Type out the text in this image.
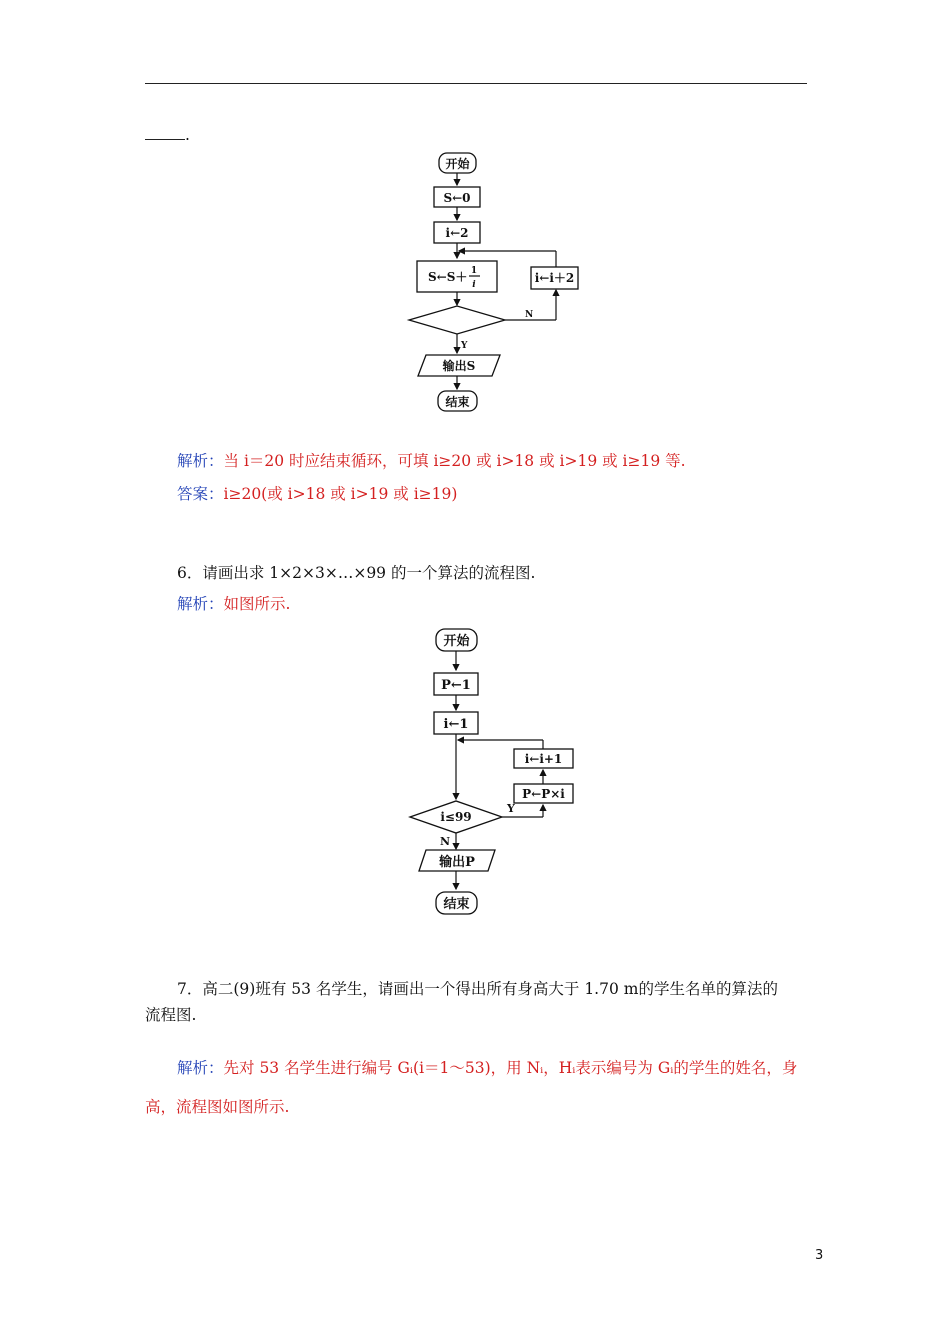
.
开始
S←0
i←2
S←S＋ 1
i
N
i←i＋2
Y
输出S
结束
解析：当 i＝20 时应结束循环，可填 i≥20 或 i>18 或 i>19 或 i≥19 等.
答案：i≥20(或 i>18 或 i>19 或 i≥19)
6．请画出求 1×2×3×…×99 的一个算法的流程图.
解析：如图所示.
开始
P←1
i←1
i←i+1
P←P×i
i≤99
Y
N
输出P
结束
7．高二(9)班有 53 名学生，请画出一个得出所有身高大于 1.70 m的学生名单的算法的
流程图.
解析：先对 53 名学生进行编号 Gᵢ(i＝1～53)，用 Nᵢ，Hᵢ表示编号为 Gᵢ的学生的姓名，身
高，流程图如图所示.
3
